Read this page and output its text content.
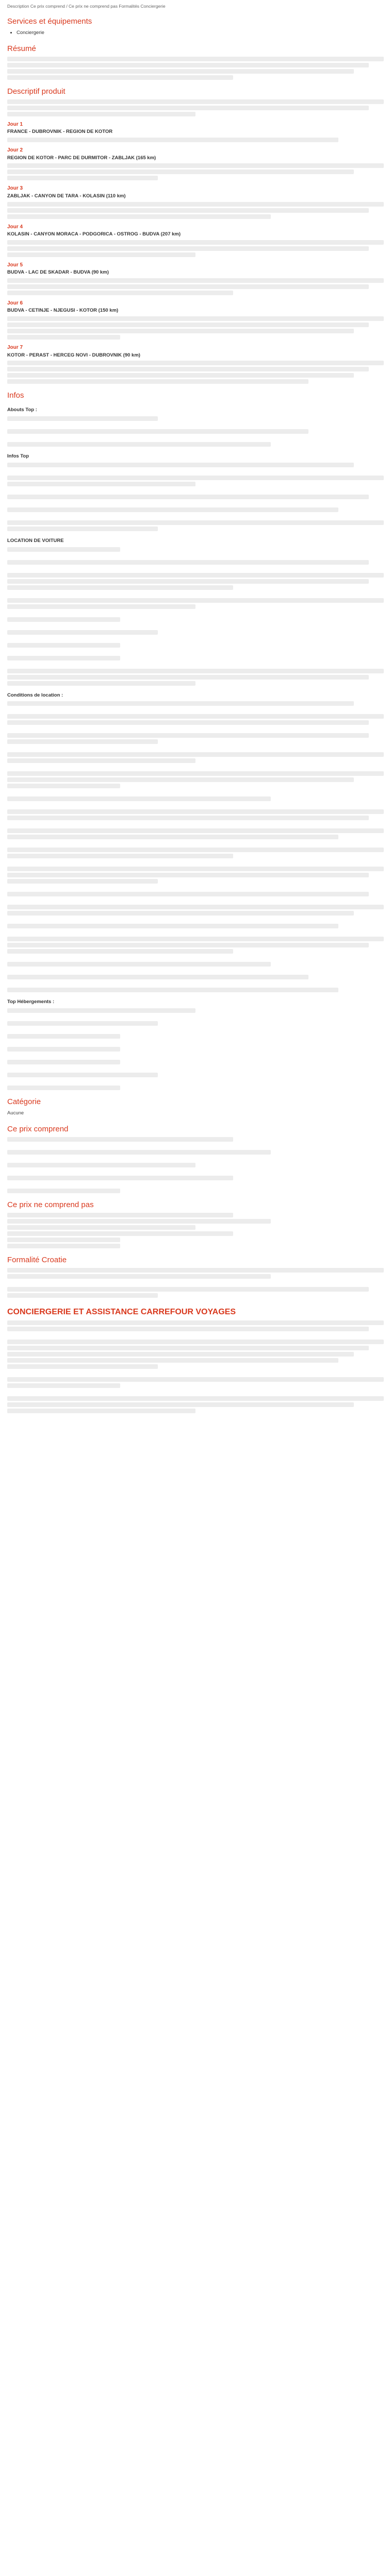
Description Ce prix comprend / Ce prix ne comprend pas Formalités Conciergerie
Services et équipements
• Conciergerie
Résumé
Descriptif produit
Jour 1
FRANCE - DUBROVNIK - REGION DE KOTOR
Jour 2
REGION DE KOTOR - PARC DE DURMITOR - ZABLJAK (165 km)
Jour 3
ZABLJAK - CANYON DE TARA - KOLASIN (110 km)
Jour 4
KOLASIN - CANYON MORACA - PODGORICA - OSTROG - BUDVA (207 km)
Jour 5
BUDVA - LAC DE SKADAR - BUDVA (90 km)
Jour 6
BUDVA - CETINJE - NJEGUSI - KOTOR (150 km)
Jour 7
KOTOR - PERAST - HERCEG NOVI - DUBROVNIK (90 km)
Infos
Abouts Top :
Infos Top
LOCATION DE VOITURE
Conditions de location :
Top Hébergements :
Catégorie
Aucune
Ce prix comprend
Ce prix ne comprend pas
Formalité Croatie
CONCIERGERIE ET ASSISTANCE CARREFOUR VOYAGES
